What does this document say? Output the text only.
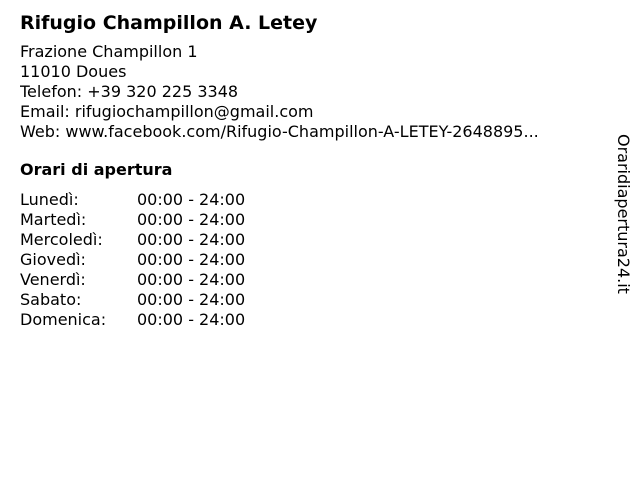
Rifugio Champillon A. Letey
Frazione Champillon 1
11010 Doues
Telefon: +39 320 225 3348
Email: rifugiochampillon@gmail.com
Web: www.facebook.com/Rifugio-Champillon-A-LETEY-2648895...
Orari di apertura
Lunedì:	00:00 - 24:00
Martedì:	00:00 - 24:00
Mercoledì:	00:00 - 24:00
Giovedì:	00:00 - 24:00
Venerdì:	00:00 - 24:00
Sabato:	00:00 - 24:00
Domenica:	00:00 - 24:00
Oraridiapertura24.it
